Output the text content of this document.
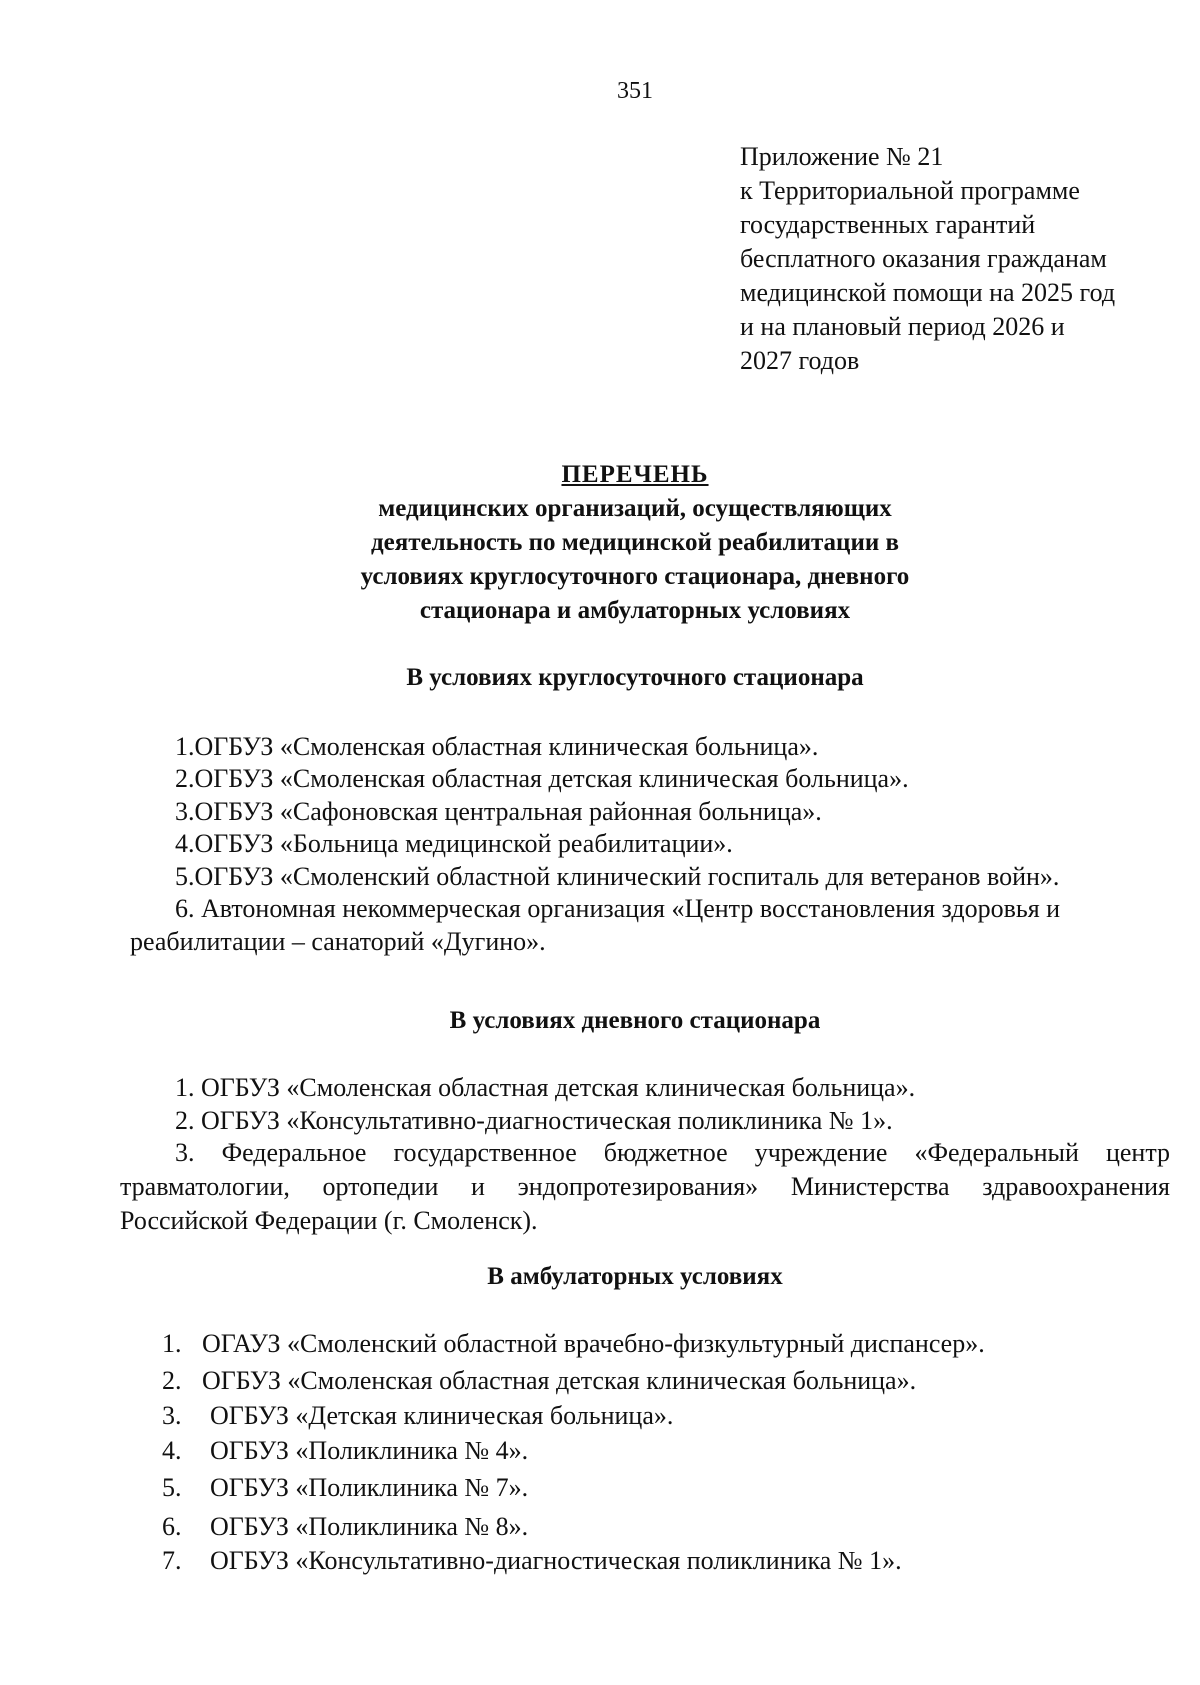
351
Приложение № 21
к Территориальной программе
государственных гарантий
бесплатного оказания гражданам
медицинской помощи на 2025 год
и на плановый период 2026 и
2027 годов
ПЕРЕЧЕНЬ
медицинских организаций, осуществляющих
деятельность по медицинской реабилитации в
условиях круглосуточного стационара, дневного
стационара и амбулаторных условиях
В условиях круглосуточного стационара
1.ОГБУЗ «Смоленская областная клиническая больница».
2.ОГБУЗ «Смоленская областная детская клиническая больница».
3.ОГБУЗ «Сафоновская центральная районная больница».
4.ОГБУЗ «Больница медицинской реабилитации».
5.ОГБУЗ «Смоленский областной клинический госпиталь для ветеранов войн».
6. Автономная некоммерческая организация «Центр восстановления здоровья и
реабилитации – санаторий «Дугино».
В условиях дневного стационара
1. ОГБУЗ «Смоленская областная детская клиническая больница».
2. ОГБУЗ «Консультативно-диагностическая поликлиника № 1».
3. Федеральное государственное бюджетное учреждение «Федеральный центр
травматологии, ортопедии и эндопротезирования» Министерства здравоохранения
Российской Федерации (г. Смоленск).
В амбулаторных условиях
1. ОГАУЗ «Смоленский областной врачебно-физкультурный диспансер».
2. ОГБУЗ «Смоленская областная детская клиническая больница».
3. ОГБУЗ «Детская клиническая больница».
4. ОГБУЗ «Поликлиника № 4».
5. ОГБУЗ «Поликлиника № 7».
6. ОГБУЗ «Поликлиника № 8».
7. ОГБУЗ «Консультативно-диагностическая поликлиника № 1».
